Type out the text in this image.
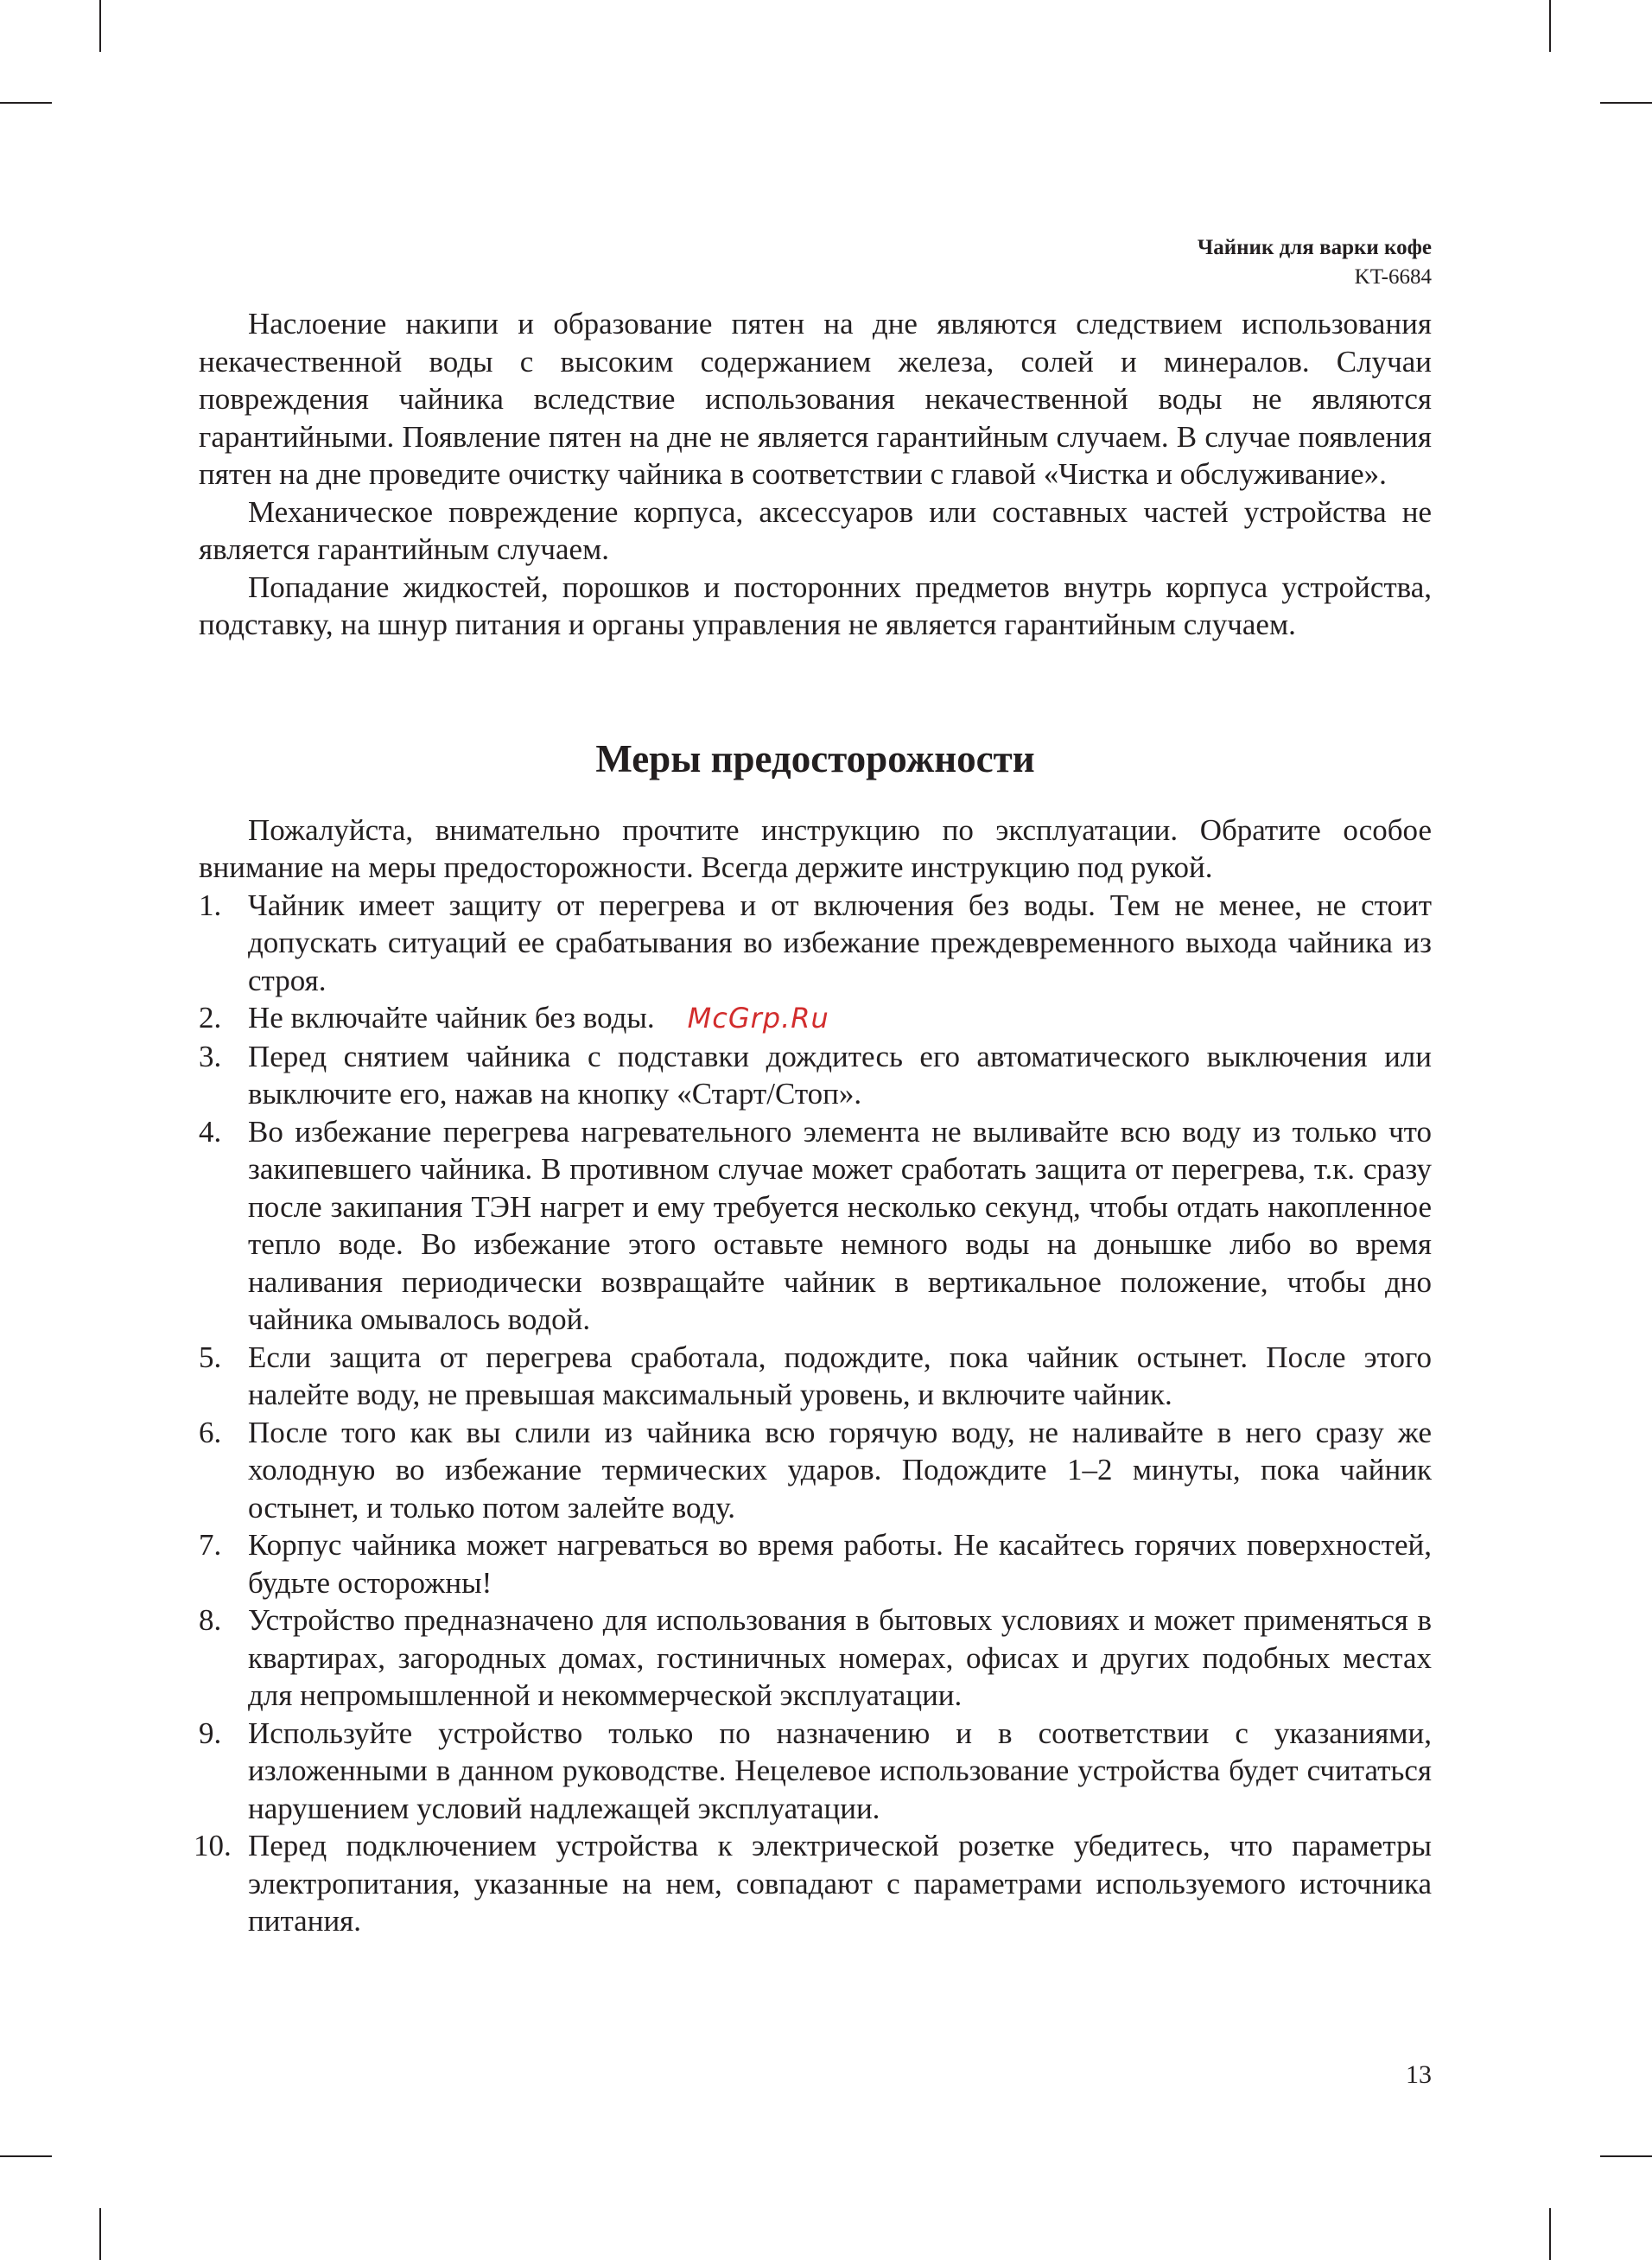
Чайник для варки кофе
KT-6684

Наслоение накипи и образование пятен на дне являются следствием использования некачественной воды с высоким содержанием железа, солей и минералов. Случаи повреждения чайника вследствие использования некачественной воды не являются гарантийными. Появление пятен на дне не является гарантийным случаем. В случае появления пятен на дне проведите очистку чайника в соответствии с главой «Чистка и обслуживание».

Механическое повреждение корпуса, аксессуаров или составных частей устройства не является гарантийным случаем.

Попадание жидкостей, порошков и посторонних предметов внутрь корпуса устройства, подставку, на шнур питания и органы управления не является гарантийным случаем.

Меры предосторожности

Пожалуйста, внимательно прочтите инструкцию по эксплуатации. Обратите особое внимание на меры предосторожности. Всегда держите инструкцию под рукой.

1. Чайник имеет защиту от перегрева и от включения без воды. Тем не менее, не стоит допускать ситуаций ее срабатывания во избежание преждевременного выхода чайника из строя.
2. Не включайте чайник без воды. McGrp.Ru
3. Перед снятием чайника с подставки дождитесь его автоматического выключения или выключите его, нажав на кнопку «Старт/Стоп».
4. Во избежание перегрева нагревательного элемента не выливайте всю воду из только что закипевшего чайника. В противном случае может сработать защита от перегрева, т.к. сразу после закипания ТЭН нагрет и ему требуется несколько секунд, чтобы отдать накопленное тепло воде. Во избежание этого оставьте немного воды на донышке либо во время наливания периодически возвращайте чайник в вертикальное положение, чтобы дно чайника омывалось водой.
5. Если защита от перегрева сработала, подождите, пока чайник остынет. После этого налейте воду, не превышая максимальный уровень, и включите чайник.
6. После того как вы слили из чайника всю горячую воду, не наливайте в него сразу же холодную во избежание термических ударов. Подождите 1–2 минуты, пока чайник остынет, и только потом залейте воду.
7. Корпус чайника может нагреваться во время работы. Не касайтесь горячих поверхностей, будьте осторожны!
8. Устройство предназначено для использования в бытовых условиях и может применяться в квартирах, загородных домах, гостиничных номерах, офисах и других подобных местах для непромышленной и некоммерческой эксплуатации.
9. Используйте устройство только по назначению и в соответствии с указаниями, изложенными в данном руководстве. Нецелевое использование устройства будет считаться нарушением условий надлежащей эксплуатации.
10. Перед подключением устройства к электрической розетке убедитесь, что параметры электропитания, указанные на нем, совпадают с параметрами используемого источника питания.
13
